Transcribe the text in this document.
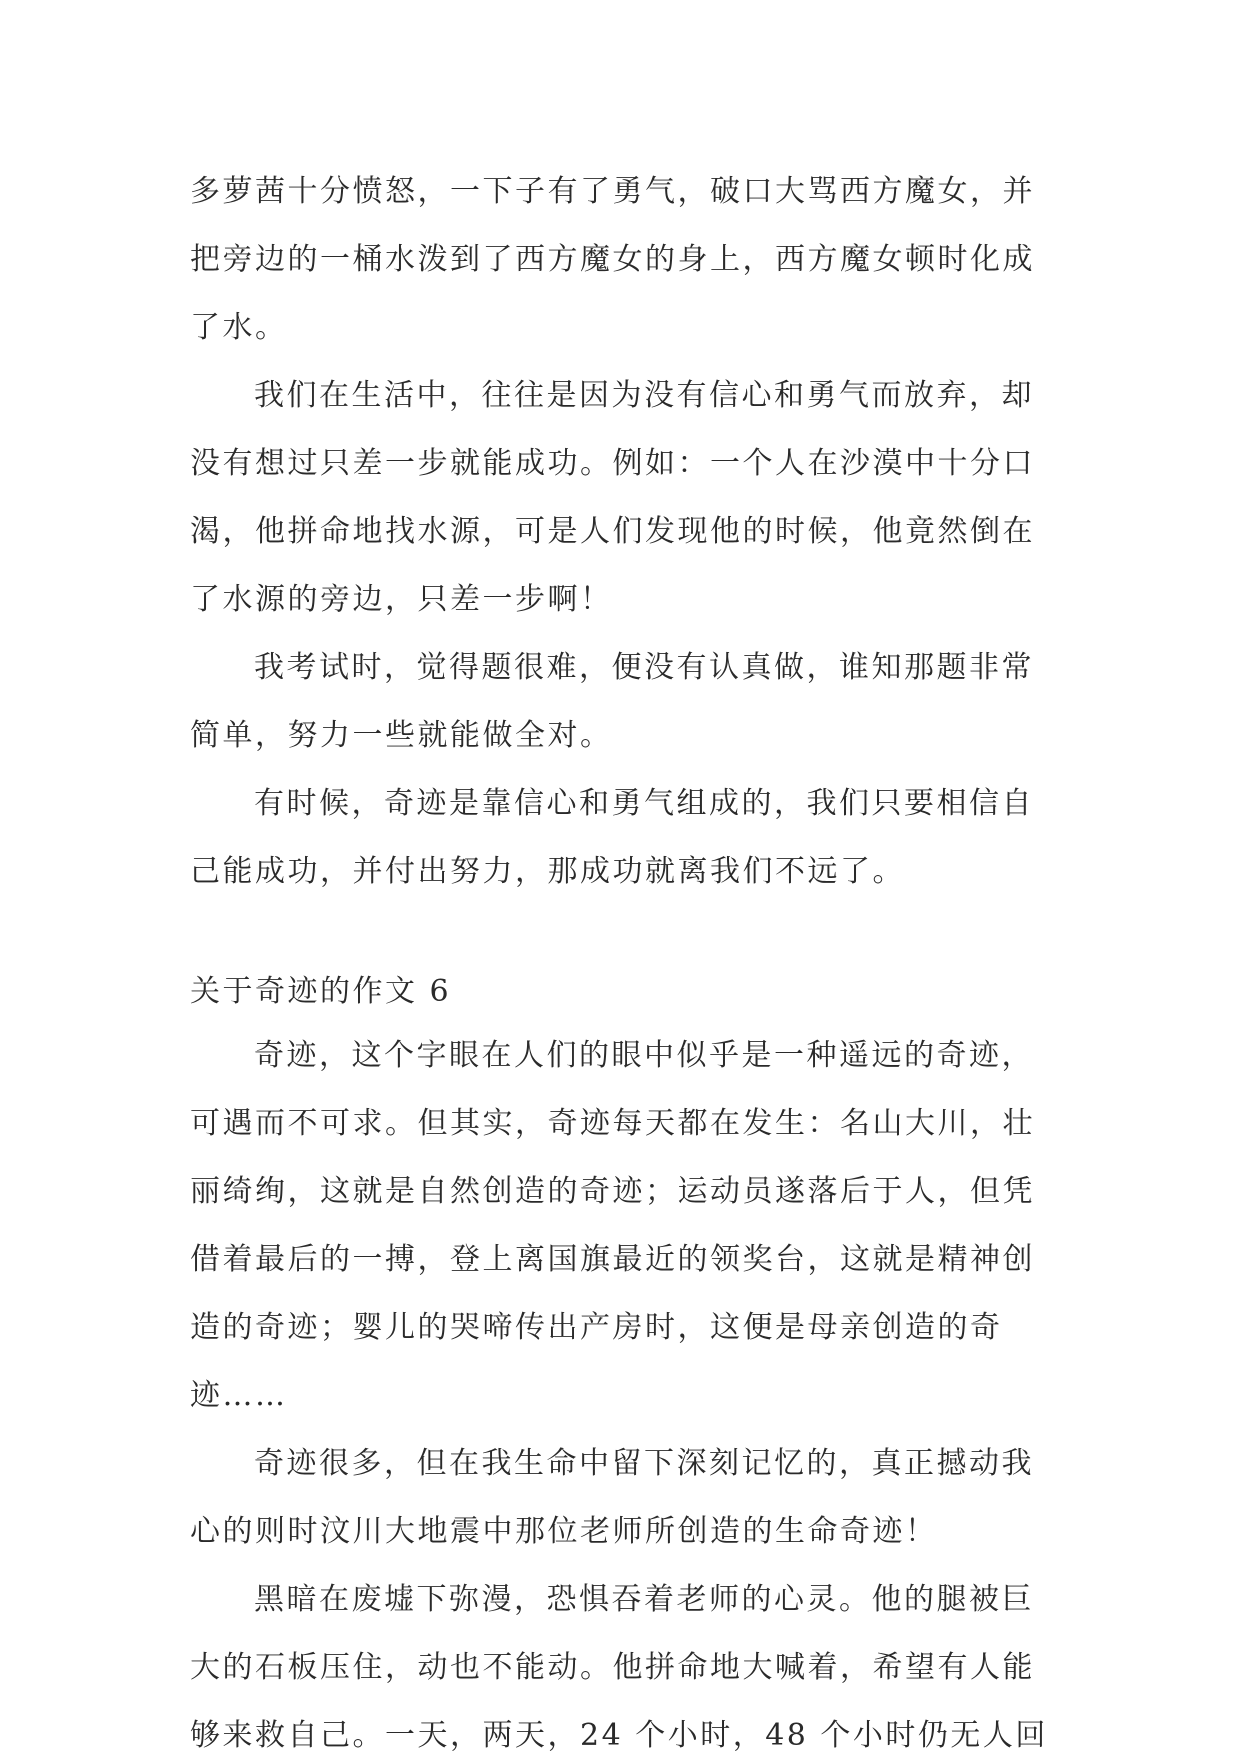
多萝茜十分愤怒，一下子有了勇气，破口大骂西方魔女，并
把旁边的一桶水泼到了西方魔女的身上，西方魔女顿时化成
了水。
我们在生活中，往往是因为没有信心和勇气而放弃，却
没有想过只差一步就能成功。例如：一个人在沙漠中十分口
渴，他拼命地找水源，可是人们发现他的时候，他竟然倒在
了水源的旁边，只差一步啊！
我考试时，觉得题很难，便没有认真做，谁知那题非常
简单，努力一些就能做全对。
有时候，奇迹是靠信心和勇气组成的，我们只要相信自
己能成功，并付出努力，那成功就离我们不远了。
关于奇迹的作文 6
奇迹，这个字眼在人们的眼中似乎是一种遥远的奇迹，
可遇而不可求。但其实，奇迹每天都在发生：名山大川，壮
丽绮绚，这就是自然创造的奇迹；运动员遂落后于人，但凭
借着最后的一搏，登上离国旗最近的领奖台，这就是精神创
造的奇迹；婴儿的哭啼传出产房时，这便是母亲创造的奇
迹……
奇迹很多，但在我生命中留下深刻记忆的，真正撼动我
心的则时汶川大地震中那位老师所创造的生命奇迹！
黑暗在废墟下弥漫，恐惧吞着老师的心灵。他的腿被巨
大的石板压住，动也不能动。他拼命地大喊着，希望有人能
够来救自己。一天，两天，24 个小时，48 个小时仍无人回
